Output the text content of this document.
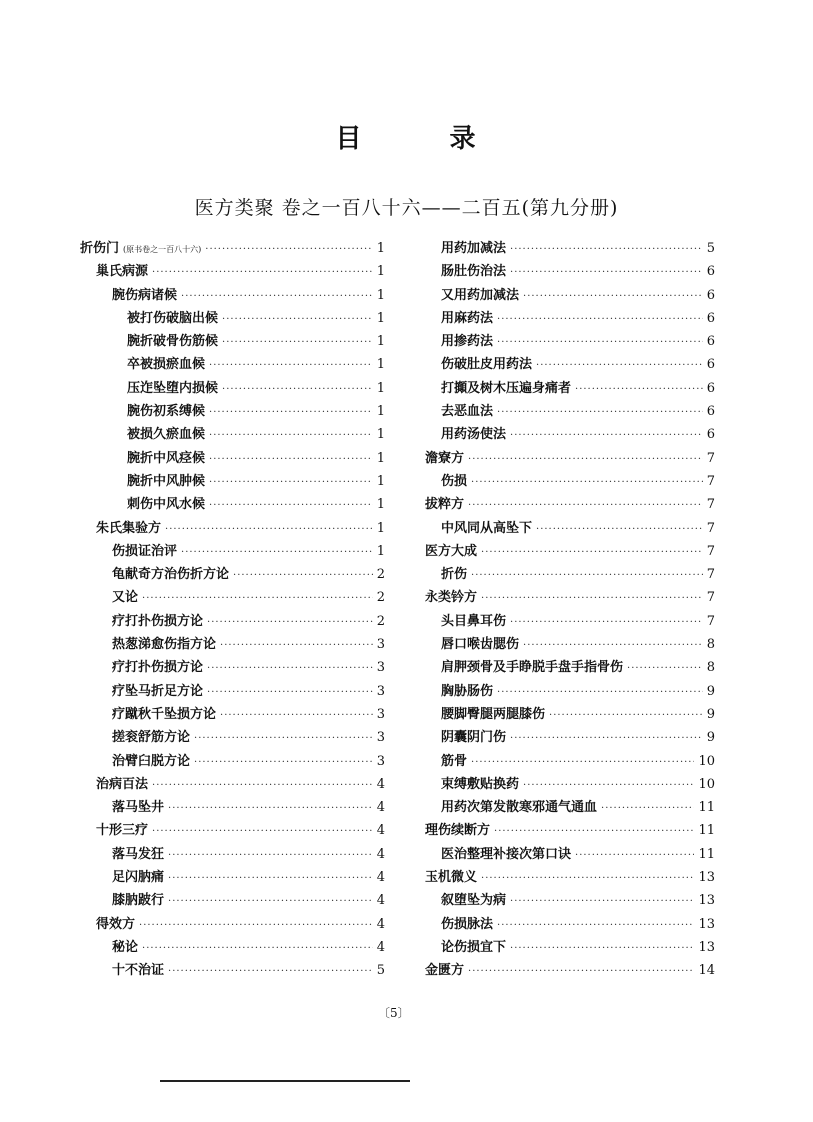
目	录
医方类聚 卷之一百八十六——二百五(第九分册)
折伤门 (原书卷之一百八十六) ·····	1
巢氏病源 ·····	1
腕伤病诸候 ·····	1
被打伤破脑出候 ·····	1
腕折破骨伤筋候 ·····	1
卒被损瘀血候 ·····	1
压迮坠堕内损候 ·····	1
腕伤初系缚候 ·····	1
被损久瘀血候 ·····	1
腕折中风痉候 ·····	1
腕折中风肿候 ·····	1
刺伤中风水候 ·····	1
朱氏集验方 ·····	1
伤损证治评 ·····	1
龟献奇方治伤折方论 ·····	2
又论 ·····	2
疗打扑伤损方论 ·····	2
热葱涕愈伤指方论 ·····	3
疗打扑伤损方论 ·····	3
疗坠马折足方论 ·····	3
疗蹴秋千坠损方论 ·····	3
搓衮舒筋方论 ·····	3
治臂臼脱方论 ·····	3
治病百法 ·····	4
落马坠井 ·····	4
十形三疗 ·····	4
落马发狂 ·····	4
足闪肭痛 ·····	4
膝肭跛行 ·····	4
得效方 ·····	4
秘论 ·····	4
十不治证 ·····	5
用药加减法 ·····	5
肠肚伤治法 ·····	6
又用药加减法 ·····	6
用麻药法 ·····	6
用掺药法 ·····	6
伤破肚皮用药法 ·····	6
打攧及树木压遍身痛者 ·····	6
去恶血法 ·····	6
用药汤使法 ·····	6
澹寮方 ·····	7
伤损 ·····	7
拔粹方 ·····	7
中风同从高坠下 ·····	7
医方大成 ·····	7
折伤 ·····	7
永类钤方 ·····	7
头目鼻耳伤 ·····	7
唇口喉齿腮伤 ·····	8
肩胛颈骨及手睁脱手盘手指骨伤 ·····	8
胸胁肠伤 ·····	9
腰脚臀腿两腿膝伤 ·····	9
阴囊阴门伤 ·····	9
筋骨 ·····	10
束缚敷贴换药 ·····	10
用药次第发散寒邪通气通血 ·····	11
理伤续断方 ·····	11
医治整理补接次第口诀 ·····	11
玉机微义 ·····	13
叙堕坠为病 ·····	13
伤损脉法 ·····	13
论伤损宜下 ·····	13
金匮方 ·····	14
〔5〕
